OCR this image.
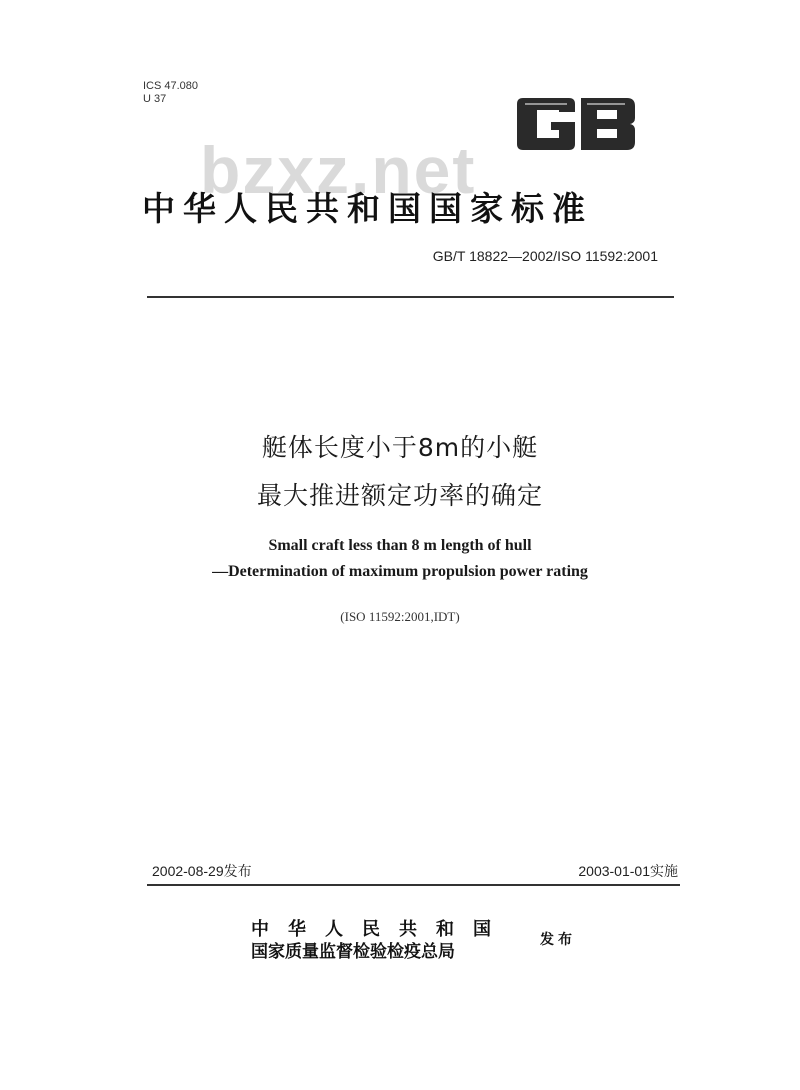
ICS 47.080
U 37
bzxz.net
中华人民共和国国家标准
GB/T 18822—2002/ISO 11592:2001
艇体长度小于8m的小艇
最大推进额定功率的确定
Small craft less than 8 m length of hull
—Determination of maximum propulsion power rating
(ISO 11592:2001,IDT)
2002-08-29发布	2003-01-01实施
中华人民共和国
国家质量监督检验检疫总局
发布
